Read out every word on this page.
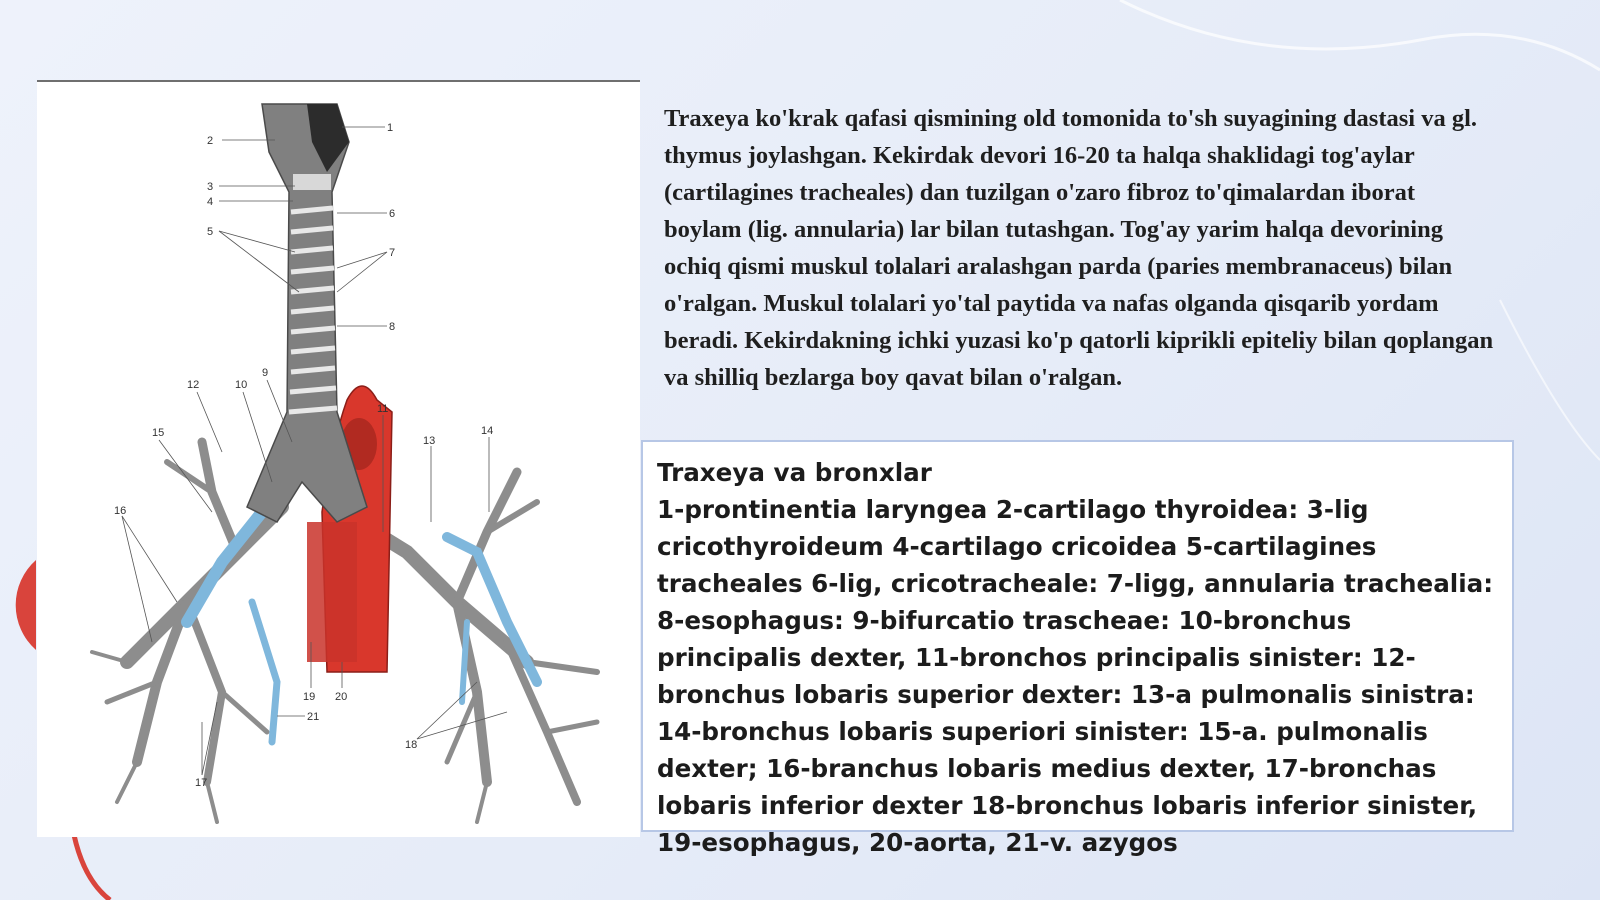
1
2
3
4
5
6
7
8
9
10
11
12
13
14
15
16
17
18
19 20
21

Traxeya ko'krak qafasi qismining old tomonida to'sh suyagining dastasi va gl. thymus joylashgan. Kekirdak devori 16-20 ta halqa shaklidagi tog'aylar (cartilagines tracheales) dan tuzilgan o'zaro fibroz to'qimalardan iborat boylam (lig. annularia) lar bilan tutashgan. Tog'ay yarim halqa devorining ochiq qismi muskul tolalari aralashgan parda (paries membranaceus) bilan o'ralgan. Muskul tolalari yo'tal paytida va nafas olganda qisqarib yordam beradi. Kekirdakning ichki yuzasi ko'p qatorli kiprikli epiteliy bilan qoplangan va shilliq bezlarga boy qavat bilan o'ralgan.

Traxeya va bronxlar

1-prontinentia laryngea 2-cartilago thyroidea: 3-lig cricothyroideum 4-cartilago cricoidea 5-cartilagines tracheales 6-lig, cricotracheale: 7-ligg, annularia trachealia: 8-esophagus: 9-bifurcatio trascheae: 10-bronchus principalis dexter, 11-bronchos principalis sinister: 12- bronchus lobaris superior dexter: 13-a pulmonalis sinistra: 14-bronchus lobaris superiori sinister: 15-a. pulmonalis dexter; 16-branchus lobaris medius dexter, 17-bronchas lobaris inferior dexter 18-bronchus lobaris inferior sinister, 19-esophagus, 20-aorta, 21-v. azygos
